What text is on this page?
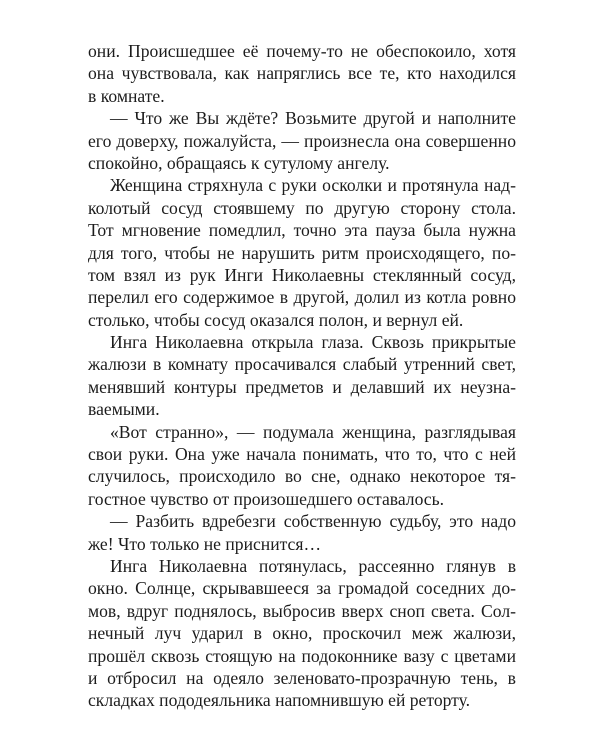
они. Происшедшее её почему-то не обеспокоило, хотя
она чувствовала, как напряглись все те, кто находился
в комнате.
— Что же Вы ждёте? Возьмите другой и наполните
его доверху, пожалуйста, — произнесла она совершенно
спокойно, обращаясь к сутулому ангелу.
Женщина стряхнула с руки осколки и протянула над-
колотый сосуд стоявшему по другую сторону стола.
Тот мгновение помедлил, точно эта пауза была нужна
для того, чтобы не нарушить ритм происходящего, по-
том взял из рук Инги Николаевны стеклянный сосуд,
перелил его содержимое в другой, долил из котла ровно
столько, чтобы сосуд оказался полон, и вернул ей.
Инга Николаевна открыла глаза. Сквозь прикрытые
жалюзи в комнату просачивался слабый утренний свет,
менявший контуры предметов и делавший их неузна-
ваемыми.
«Вот странно», — подумала женщина, разглядывая
свои руки. Она уже начала понимать, что то, что с ней
случилось, происходило во сне, однако некоторое тя-
гостное чувство от произошедшего оставалось.
— Разбить вдребезги собственную судьбу, это надо
же! Что только не приснится…
Инга Николаевна потянулась, рассеянно глянув в
окно. Солнце, скрывавшееся за громадой соседних до-
мов, вдруг поднялось, выбросив вверх сноп света. Сол-
нечный луч ударил в окно, проскочил меж жалюзи,
прошёл сквозь стоящую на подоконнике вазу с цветами
и отбросил на одеяло зеленовато-прозрачную тень, в
складках пододеяльника напомнившую ей реторту.
